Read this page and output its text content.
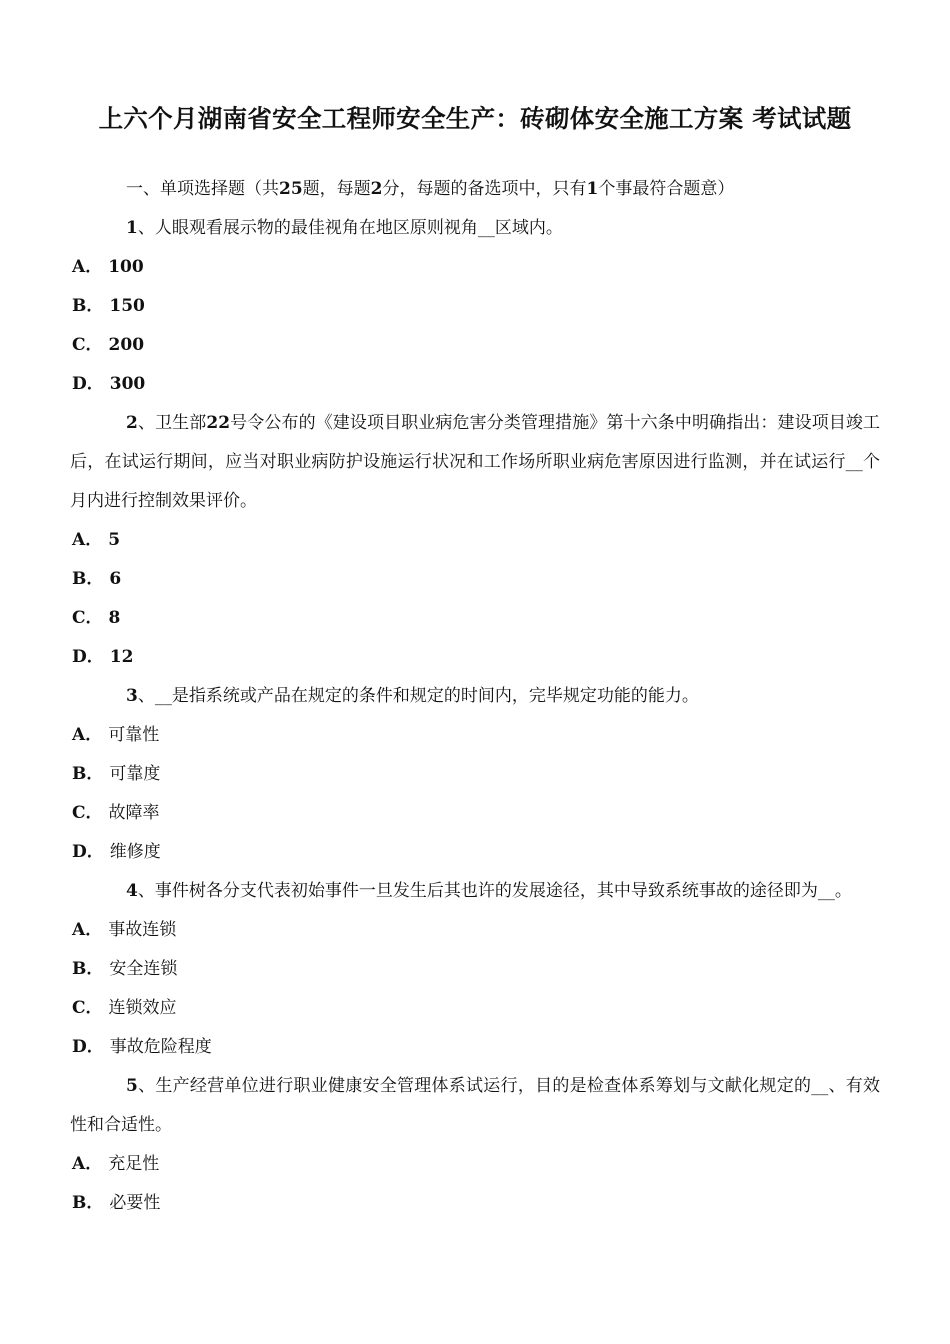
上六个月湖南省安全工程师安全生产：砖砌体安全施工方案 考试试题

一、单项选择题（共25题，每题2分，每题的备选项中，只有1个事最符合题意）

1、人眼观看展示物的最佳视角在地区原则视角__区域内。

A． 100

B． 150

C． 200

D． 300

2、卫生部22号令公布的《建设项目职业病危害分类管理措施》第十六条中明确指出：建设项目竣工后，在试运行期间，应当对职业病防护设施运行状况和工作场所职业病危害原因进行监测，并在试运行__个月内进行控制效果评价。

A． 5

B． 6

C． 8

D． 12

3、__是指系统或产品在规定的条件和规定的时间内，完毕规定功能的能力。

A． 可靠性

B． 可靠度

C． 故障率

D． 维修度

4、事件树各分支代表初始事件一旦发生后其也许的发展途径，其中导致系统事故的途径即为__。

A． 事故连锁

B． 安全连锁

C． 连锁效应

D． 事故危险程度

5、生产经营单位进行职业健康安全管理体系试运行，目的是检查体系筹划与文献化规定的__、有效性和合适性。

A． 充足性

B． 必要性
